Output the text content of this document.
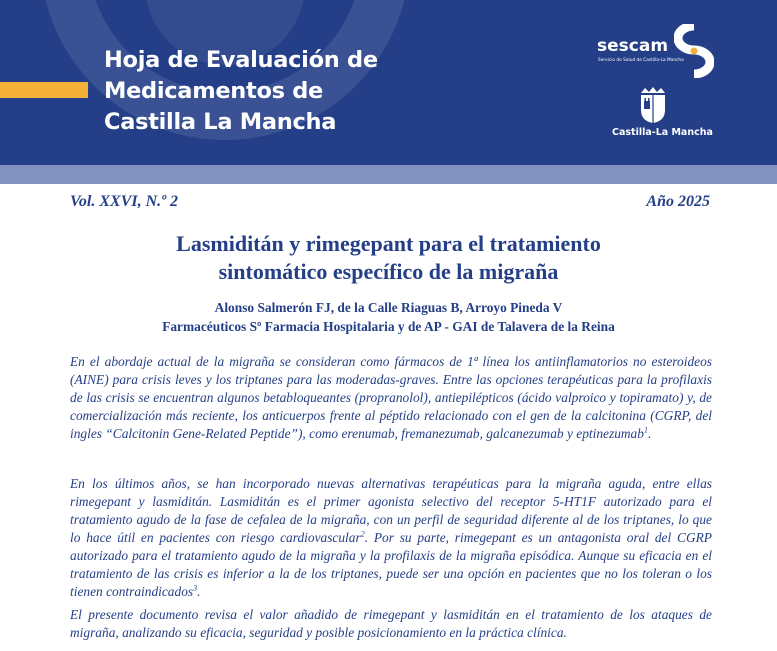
Hoja de Evaluación de
Medicamentos de
Castilla La Mancha
sescam
Servicio de Salud de Castilla-La Mancha
Castilla-La Mancha
Vol. XXVI, N.º 2	Año 2025
Lasmiditán y rimegepant para el tratamiento
sintomático específico de la migraña
Alonso Salmerón FJ, de la Calle Riaguas B, Arroyo Pineda V
Farmacéuticos Sº Farmacia Hospitalaria y de AP - GAI de Talavera de la Reina
En el abordaje actual de la migraña se consideran como fármacos de 1ª línea los antiinflamatorios no esteroideos (AINE) para crisis leves y los triptanes para las moderadas-graves. Entre las opciones terapéuticas para la profilaxis de las crisis se encuentran algunos betabloqueantes (propranolol), antiepilépticos (ácido valproico y topiramato) y, de comercialización más reciente, los anticuerpos frente al péptido relacionado con el gen de la calcitonina (CGRP, del ingles “Calcitonin Gene-Related Peptide”), como erenumab, fremanezumab, galcanezumab y eptinezumab$^1$.
En los últimos años, se han incorporado nuevas alternativas terapéuticas para la migraña aguda, entre ellas rimegepant y lasmiditán. Lasmiditán es el primer agonista selectivo del receptor 5-HT1F autorizado para el tratamiento agudo de la fase de cefalea de la migraña, con un perfil de seguridad diferente al de los triptanes, lo que lo hace útil en pacientes con riesgo cardiovascular$^2$. Por su parte, rimegepant es un antagonista oral del CGRP autorizado para el tratamiento agudo de la migraña y la profilaxis de la migraña episódica. Aunque su eficacia en el tratamiento de las crisis es inferior a la de los triptanes, puede ser una opción en pacientes que no los toleran o los tienen contraindicados$^3$.
El presente documento revisa el valor añadido de rimegepant y lasmiditán en el tratamiento de los ataques de migraña, analizando su eficacia, seguridad y posible posicionamiento en la práctica clínica.
